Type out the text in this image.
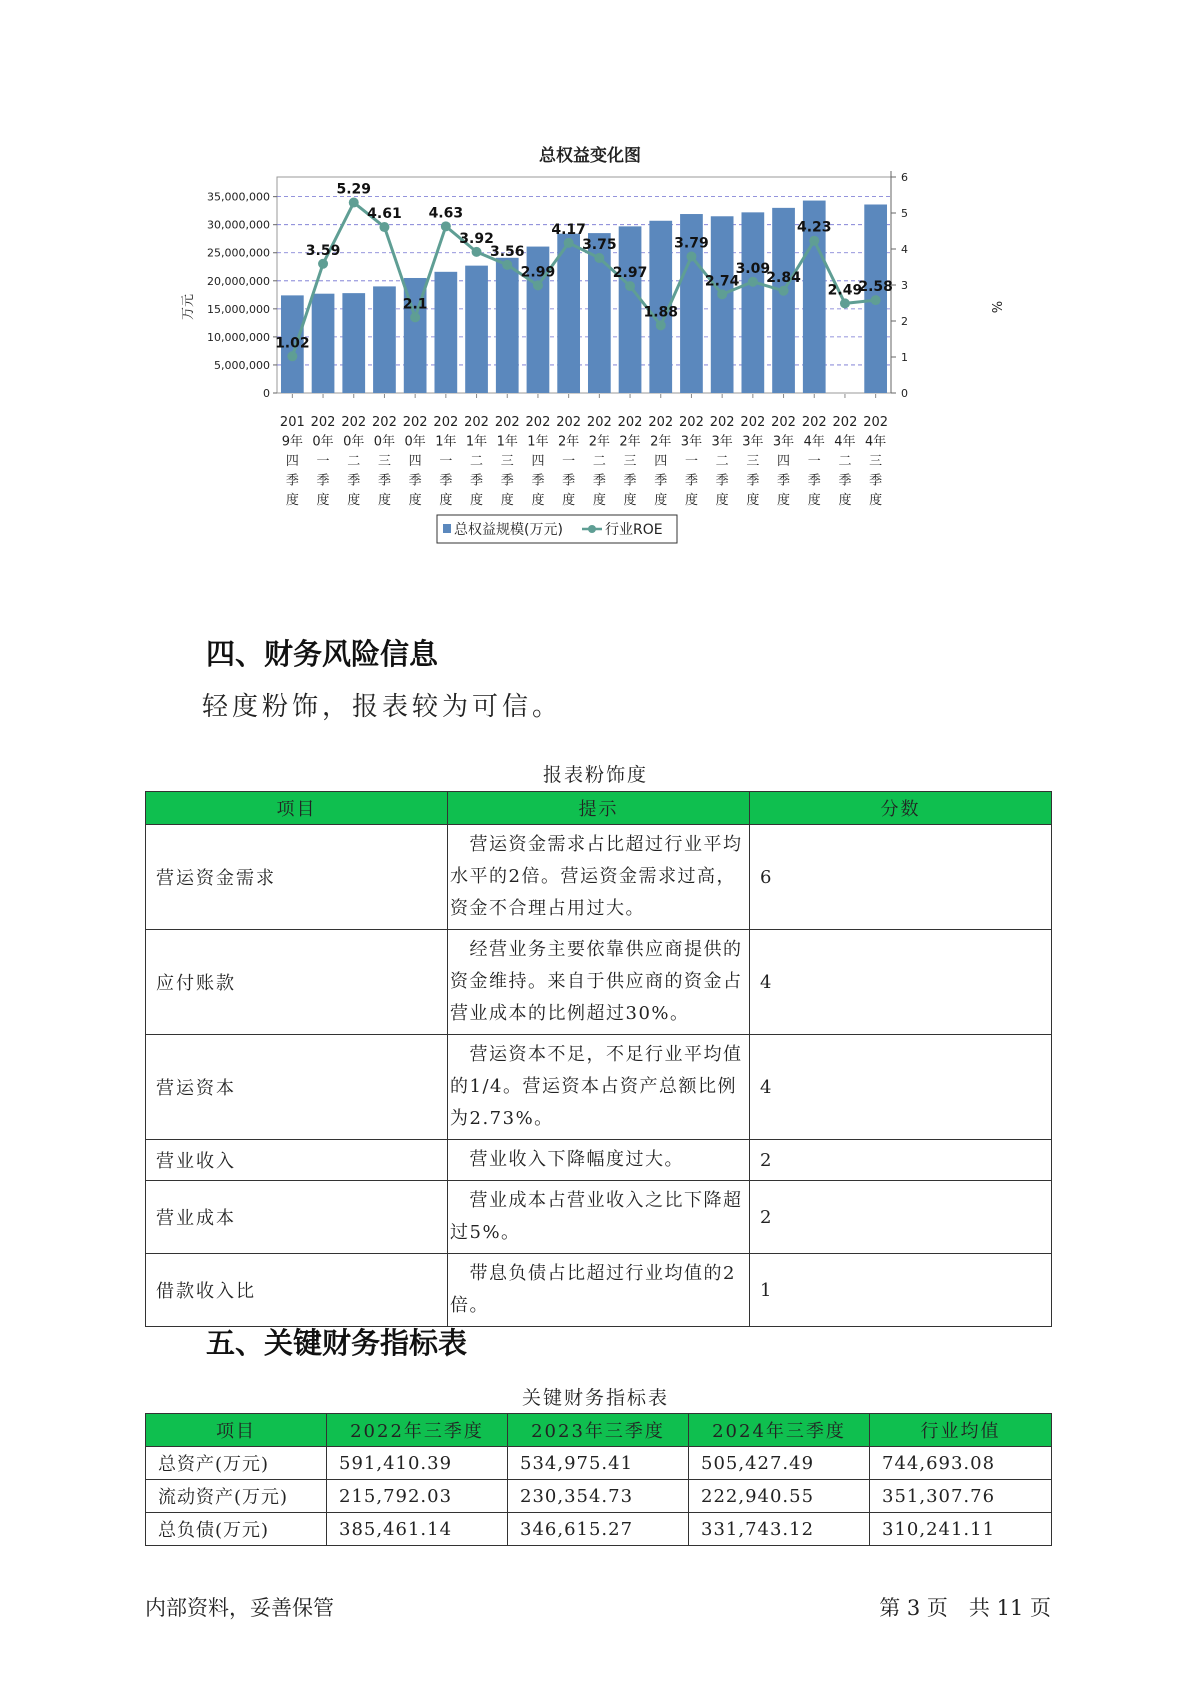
总权益变化图
万元	%
0
5,000,000
10,000,000
15,000,000
20,000,000
25,000,000
30,000,000
35,000,000
0
1
2
3
4
5
6
1.02
3.59
5.29
4.61
2.1
4.63
3.92
3.56
2.99
4.17
3.75
2.97
1.88
3.79
2.74
3.09
2.84
4.23
2.49
2.58
201 9年四季度
202 0年一季度
202 0年二季度
202 0年三季度
202 0年四季度
202 1年一季度
202 1年二季度
202 1年三季度
202 1年四季度
202 2年一季度
202 2年二季度
202 2年三季度
202 2年四季度
202 3年一季度
202 3年二季度
202 3年三季度
202 3年四季度
202 4年一季度
202 4年二季度
202 4年三季度
总权益规模(万元)	行业ROE
四、财务风险信息

轻度粉饰，报表较为可信。

报表粉饰度
项目	提示	分数
营运资金需求	　营运资金需求占比超过行业平均水平的2倍。营运资金需求过高，资金不合理占用过大。	6
应付账款	　经营业务主要依靠供应商提供的资金维持。来自于供应商的资金占营业成本的比例超过30%。	4
营运资本	　营运资本不足，不足行业平均值的1/4。营运资本占资产总额比例为2.73%。	4
营业收入	　营业收入下降幅度过大。	2
营业成本	　营业成本占营业收入之比下降超过5%。	2
借款收入比	　带息负债占比超过行业均值的2倍。	1
五、关键财务指标表
关键财务指标表
项目	2022年三季度	2023年三季度	2024年三季度	行业均值
总资产(万元)	591,410.39	534,975.41	505,427.49	744,693.08
流动资产(万元)	215,792.03	230,354.73	222,940.55	351,307.76
总负债(万元)	385,461.14	346,615.27	331,743.12	310,241.11
内部资料，妥善保管	第 3 页　共 11 页
